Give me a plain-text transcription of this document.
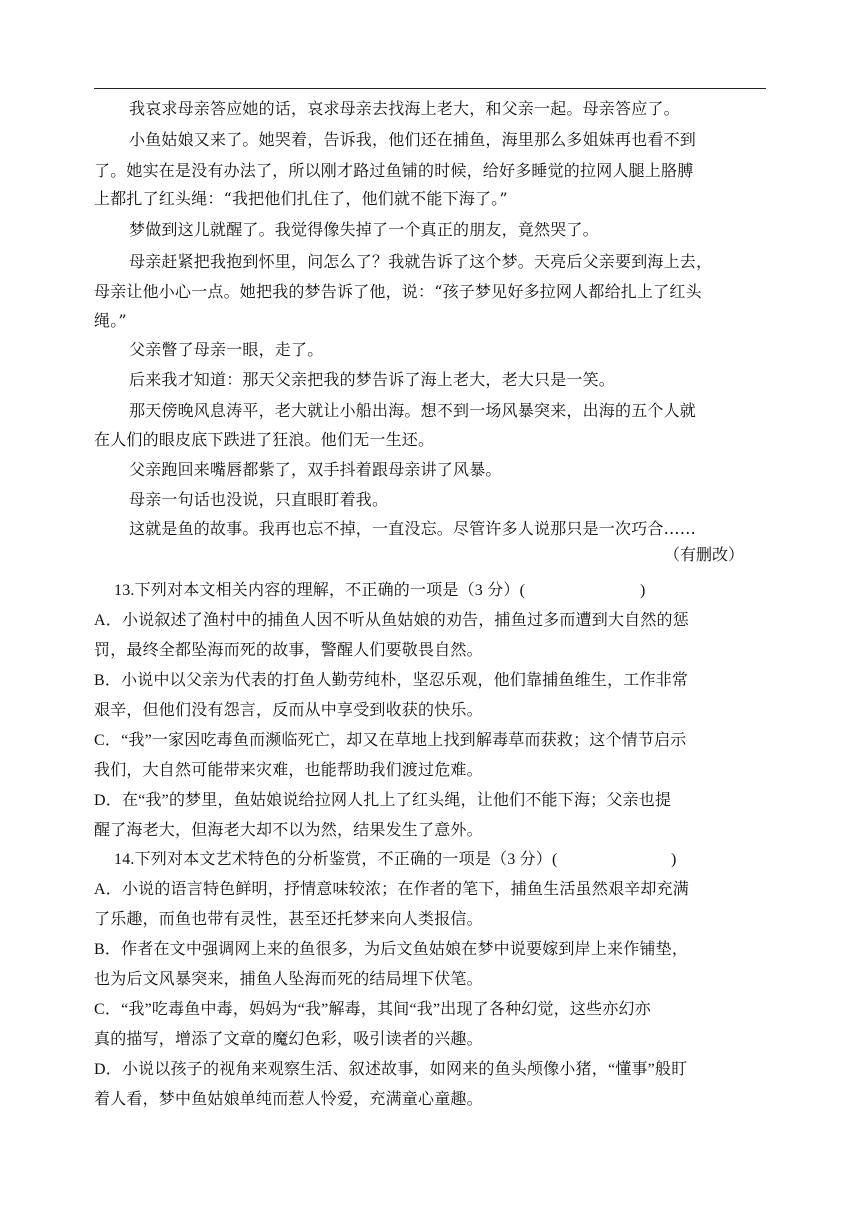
我哀求母亲答应她的话，哀求母亲去找海上老大，和父亲一起。母亲答应了。
小鱼姑娘又来了。她哭着，告诉我，他们还在捕鱼，海里那么多姐妹再也看不到
了。她实在是没有办法了，所以刚才路过鱼铺的时候，给好多睡觉的拉网人腿上胳膊
上都扎了红头绳：“我把他们扎住了，他们就不能下海了。”
梦做到这儿就醒了。我觉得像失掉了一个真正的朋友，竟然哭了。
母亲赶紧把我抱到怀里，问怎么了？我就告诉了这个梦。天亮后父亲要到海上去，
母亲让他小心一点。她把我的梦告诉了他，说：“孩子梦见好多拉网人都给扎上了红头
绳。”
父亲瞥了母亲一眼，走了。
后来我才知道：那天父亲把我的梦告诉了海上老大，老大只是一笑。
那天傍晚风息涛平，老大就让小船出海。想不到一场风暴突来，出海的五个人就
在人们的眼皮底下跌进了狂浪。他们无一生还。
父亲跑回来嘴唇都紫了，双手抖着跟母亲讲了风暴。
母亲一句话也没说，只直眼盯着我。
这就是鱼的故事。我再也忘不掉，一直没忘。尽管许多人说那只是一次巧合……
（有删改）
13.下列对本文相关内容的理解，不正确的一项是（3 分）(	)
A．小说叙述了渔村中的捕鱼人因不听从鱼姑娘的劝告，捕鱼过多而遭到大自然的惩
罚，最终全都坠海而死的故事，警醒人们要敬畏自然。
B．小说中以父亲为代表的打鱼人勤劳纯朴，坚忍乐观，他们靠捕鱼维生，工作非常
艰辛，但他们没有怨言，反而从中享受到收获的快乐。
C．“我”一家因吃毒鱼而濒临死亡，却又在草地上找到解毒草而获救；这个情节启示
我们，大自然可能带来灾难，也能帮助我们渡过危难。
D．在“我”的梦里，鱼姑娘说给拉网人扎上了红头绳，让他们不能下海；父亲也提
醒了海老大，但海老大却不以为然，结果发生了意外。
14.下列对本文艺术特色的分析鉴赏，不正确的一项是（3 分）(	)
A．小说的语言特色鲜明，抒情意味较浓；在作者的笔下，捕鱼生活虽然艰辛却充满
了乐趣，而鱼也带有灵性，甚至还托梦来向人类报信。
B．作者在文中强调网上来的鱼很多，为后文鱼姑娘在梦中说要嫁到岸上来作铺垫，
也为后文风暴突来，捕鱼人坠海而死的结局埋下伏笔。
C．“我”吃毒鱼中毒，妈妈为“我”解毒，其间“我”出现了各种幻觉，这些亦幻亦
真的描写，增添了文章的魔幻色彩，吸引读者的兴趣。
D．小说以孩子的视角来观察生活、叙述故事，如网来的鱼头颅像小猪，“懂事”般盯
着人看，梦中鱼姑娘单纯而惹人怜爱，充满童心童趣。
